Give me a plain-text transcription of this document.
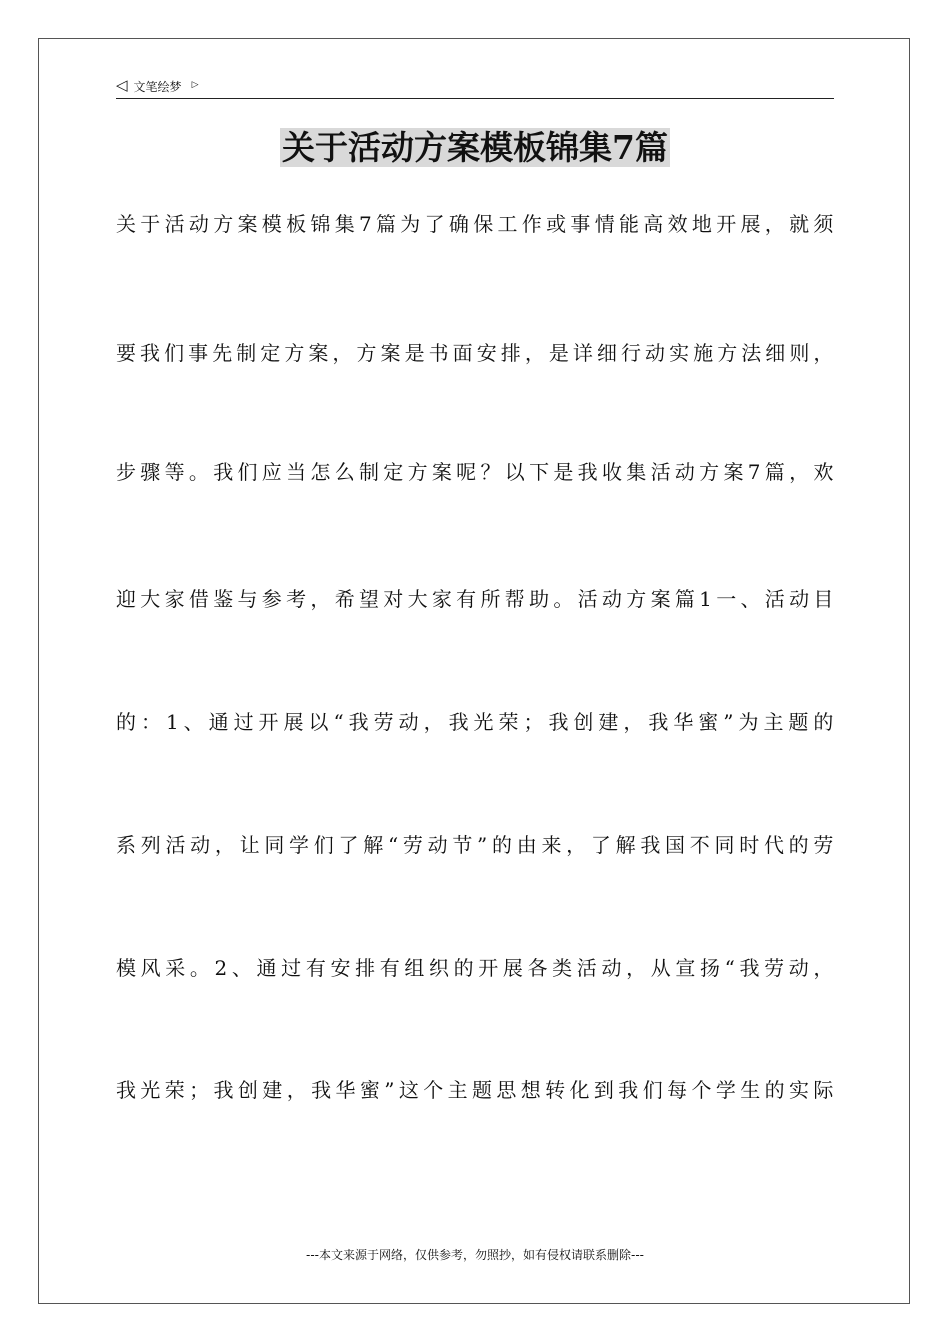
◁ 文笔绘梦 ▷
关于活动方案模板锦集7篇
关于活动方案模板锦集7篇为了确保工作或事情能高效地开展，就须
要我们事先制定方案，方案是书面安排，是详细行动实施方法细则，
步骤等。我们应当怎么制定方案呢？以下是我收集活动方案7篇，欢
迎大家借鉴与参考，希望对大家有所帮助。活动方案篇1一、活动目
的：1、通过开展以“我劳动，我光荣；我创建，我华蜜”为主题的
系列活动，让同学们了解“劳动节”的由来，了解我国不同时代的劳
模风采。2、通过有安排有组织的开展各类活动，从宣扬“我劳动，
我光荣；我创建，我华蜜”这个主题思想转化到我们每个学生的实际
---本文来源于网络，仅供参考，勿照抄，如有侵权请联系删除---
